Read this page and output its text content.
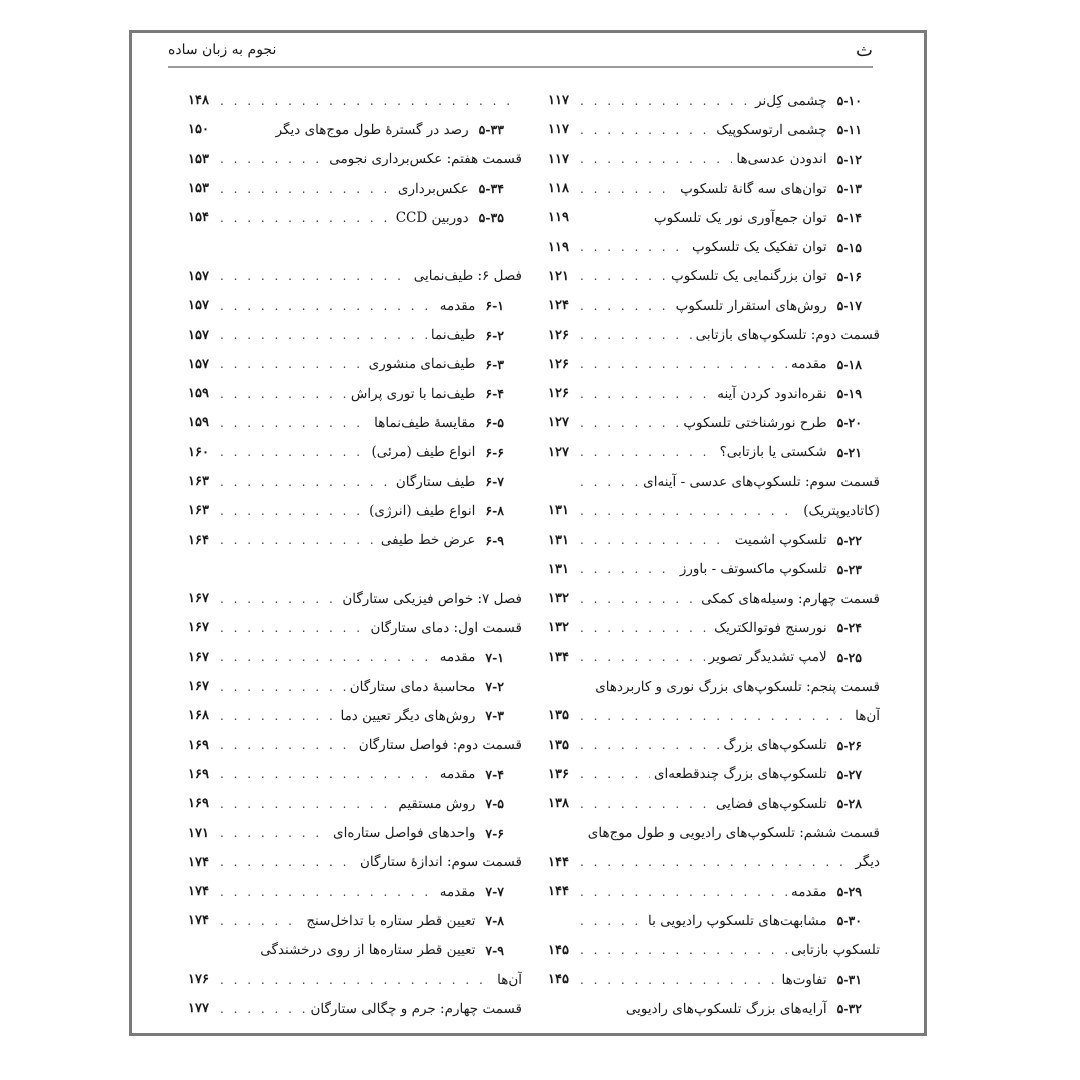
ث
نجوم به زبان ساده
۵-۱۰
چشمی کِل‌نر
. . .
۱۱۷
۵-۱۱
چشمی ارتوسکوپیک
. . .
۱۱۷
۵-۱۲
اندودن عدسی‌ها
. . .
۱۱۷
۵-۱۳
توان‌های سه گانهٔ تلسکوپ
. . .
۱۱۸
۵-۱۴
توان جمع‌آوری نور یک تلسکوپ
۱۱۹
۵-۱۵
توان تفکیک یک تلسکوپ
. . .
۱۱۹
۵-۱۶
توان بزرگنمایی یک تلسکوپ
. . .
۱۲۱
۵-۱۷
روش‌های استقرار تلسکوپ
. . .
۱۲۴
قسمت دوم: تلسکوپ‌های بازتابی
. . .
۱۲۶
۵-۱۸
مقدمه
. . .
۱۲۶
۵-۱۹
نقره‌اندود کردن آینه
. . .
۱۲۶
۵-۲۰
طرح نورشناختی تلسکوپ
. . .
۱۲۷
۵-۲۱
شکستی یا بازتابی؟
. . .
۱۲۷
قسمت سوم: تلسکوپ‌های عدسی - آینه‌ای
. . .
(کاتادیوپتریک)
. . .
۱۳۱
۵-۲۲
تلسکوپ اشمیت
. . .
۱۳۱
۵-۲۳
تلسکوپ ماکسوتف - باورز
. . .
۱۳۱
قسمت چهارم: وسیله‌های کمکی
. . .
۱۳۲
۵-۲۴
نورسنج فوتوالکتریک
. . .
۱۳۲
۵-۲۵
لامپ تشدیدگر تصویر
. . .
۱۳۴
قسمت پنجم: تلسکوپ‌های بزرگ نوری و کاربردهای
آن‌ها
. . .
۱۳۵
۵-۲۶
تلسکوپ‌های بزرگ
. . .
۱۳۵
۵-۲۷
تلسکوپ‌های بزرگ چندقطعه‌ای
. . .
۱۳۶
۵-۲۸
تلسکوپ‌های فضایی
. . .
۱۳۸
قسمت ششم: تلسکوپ‌های رادیویی و طول موج‌های
دیگر
. . .
۱۴۴
۵-۲۹
مقدمه
. . .
۱۴۴
۵-۳۰
مشابهت‌های تلسکوپ رادیویی با
. . .
تلسکوپ بازتابی
. . .
۱۴۵
۵-۳۱
تفاوت‌ها
. . .
۱۴۵
۵-۳۲
آرایه‌های بزرگ تلسکوپ‌های رادیویی
. . .
۱۴۸
۵-۳۳
رصد در گسترهٔ طول موج‌های دیگر
۱۵۰
قسمت هفتم: عکس‌برداری نجومی
. . .
۱۵۳
۵-۳۴
عکس‌برداری
. . .
۱۵۳
۵-۳۵
دوربین CCD
. . .
۱۵۴
فصل ۶: طیف‌نمایی
. . .
۱۵۷
۶-۱
مقدمه
. . .
۱۵۷
۶-۲
طیف‌نما
. . .
۱۵۷
۶-۳
طیف‌نمای منشوری
. . .
۱۵۷
۶-۴
طیف‌نما با توری پراش
. . .
۱۵۹
۶-۵
مقایسهٔ طیف‌نماها
. . .
۱۵۹
۶-۶
انواع طیف (مرئی)
. . .
۱۶۰
۶-۷
طیف ستارگان
. . .
۱۶۳
۶-۸
انواع طیف (انرژی)
. . .
۱۶۳
۶-۹
عرض خط طیفی
. . .
۱۶۴
فصل ۷: خواص فیزیکی ستارگان
. . .
۱۶۷
قسمت اول: دمای ستارگان
. . .
۱۶۷
۷-۱
مقدمه
. . .
۱۶۷
۷-۲
محاسبهٔ دمای ستارگان
. . .
۱۶۷
۷-۳
روش‌های دیگر تعیین دما
. . .
۱۶۸
قسمت دوم: فواصل ستارگان
. . .
۱۶۹
۷-۴
مقدمه
. . .
۱۶۹
۷-۵
روش مستقیم
. . .
۱۶۹
۷-۶
واحدهای فواصل ستاره‌ای
. . .
۱۷۱
قسمت سوم: اندازهٔ ستارگان
. . .
۱۷۴
۷-۷
مقدمه
. . .
۱۷۴
۷-۸
تعیین قطر ستاره با تداخل‌سنج
. . .
۱۷۴
۷-۹
تعیین قطر ستاره‌ها از روی درخشندگی
آن‌ها
. . .
۱۷۶
قسمت چهارم: جرم و چگالی ستارگان
. . .
۱۷۷
